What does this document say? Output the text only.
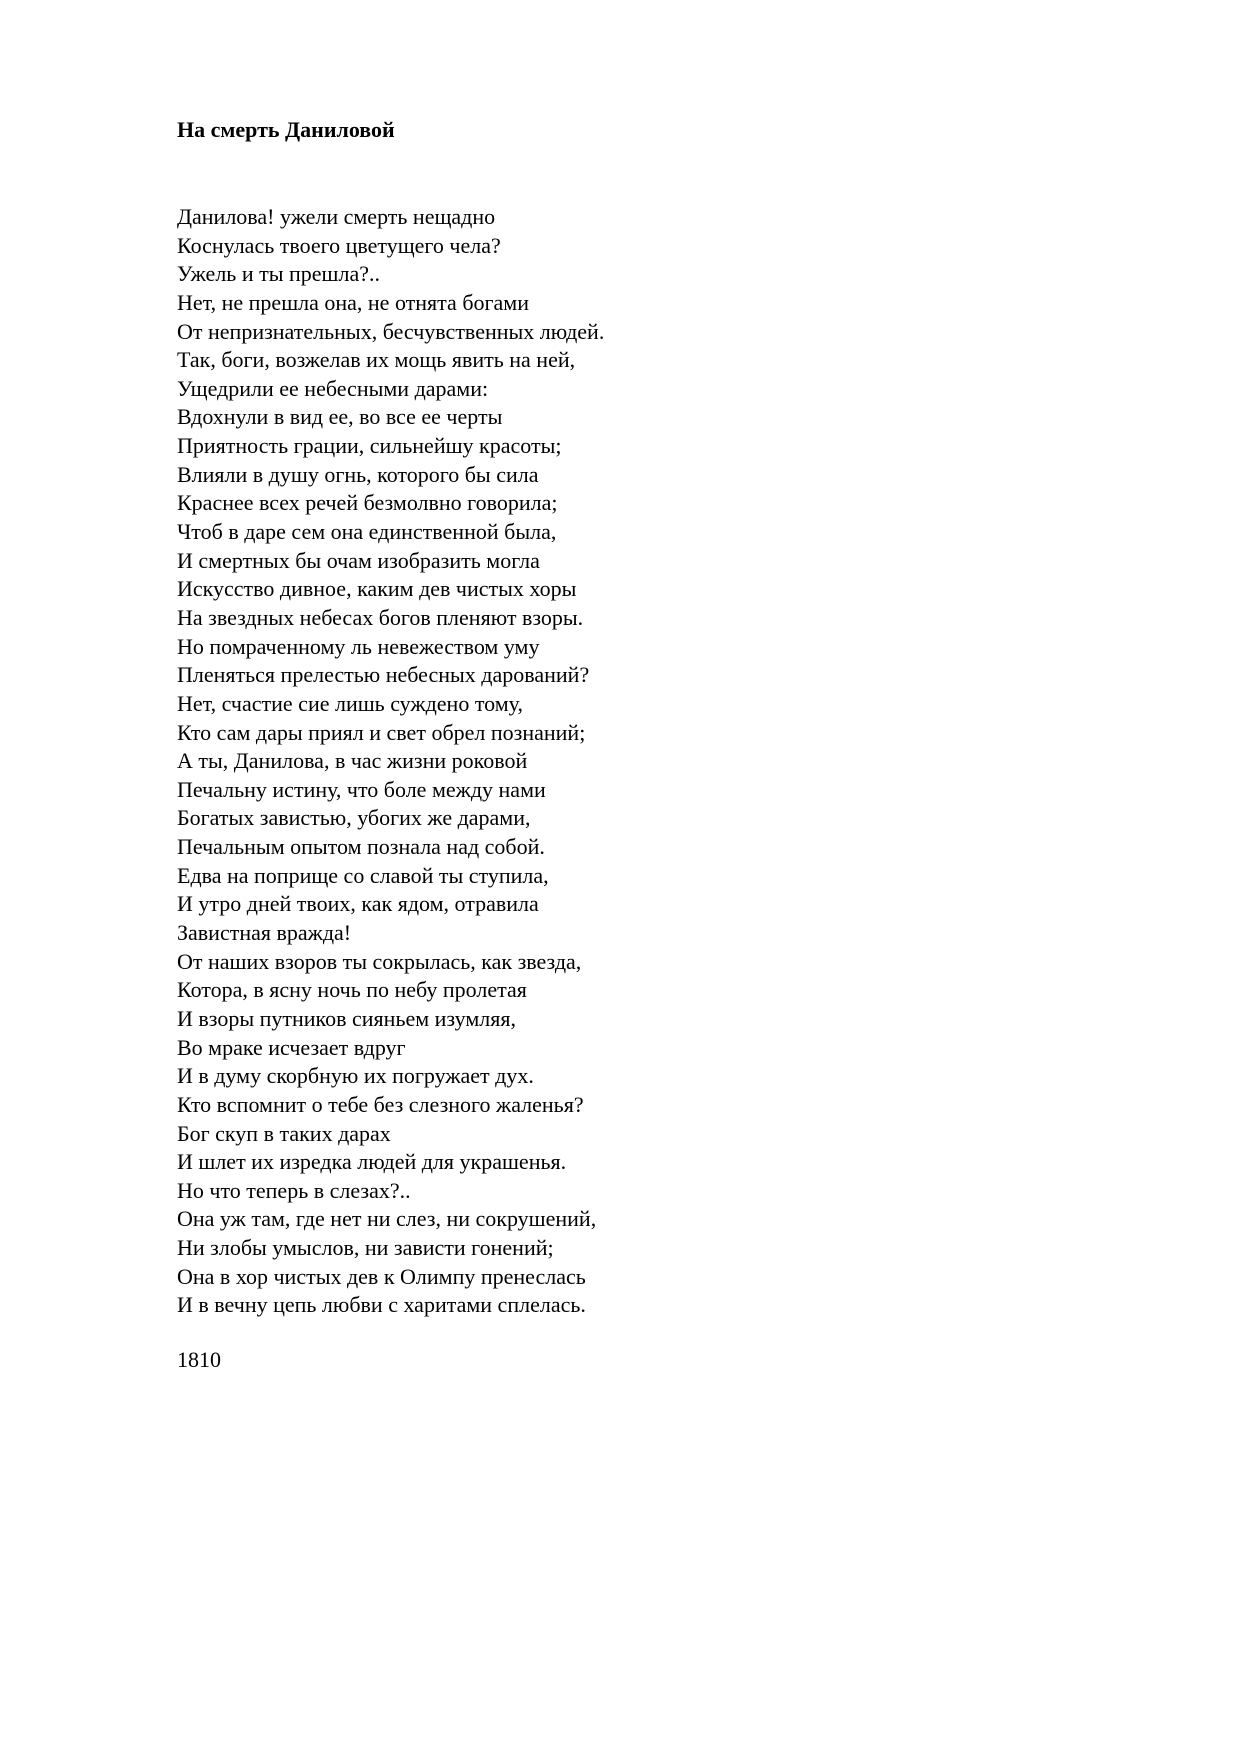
На смерть Даниловой
Данилова! ужели смерть нещадно
Коснулась твоего цветущего чела?
Ужель и ты прешла?..
Нет, не прешла она, не отнята богами
От непризнательных, бесчувственных людей.
Так, боги, возжелав их мощь явить на ней,
Ущедрили ее небесными дарами:
Вдохнули в вид ее, во все ее черты
Приятность грации, сильнейшу красоты;
Влияли в душу огнь, которого бы сила
Краснее всех речей безмолвно говорила;
Чтоб в даре сем она единственной была,
И смертных бы очам изобразить могла
Искусство дивное, каким дев чистых хоры
На звездных небесах богов пленяют взоры.
Но помраченному ль невежеством уму
Пленяться прелестью небесных дарований?
Нет, счастие сие лишь суждено тому,
Кто сам дары приял и свет обрел познаний;
А ты, Данилова, в час жизни роковой
Печальну истину, что боле между нами
Богатых завистью, убогих же дарами,
Печальным опытом познала над собой.
Едва на поприще со славой ты ступила,
И утро дней твоих, как ядом, отравила
Завистная вражда!
От наших взоров ты сокрылась, как звезда,
Котора, в ясну ночь по небу пролетая
И взоры путников сияньем изумляя,
Во мраке исчезает вдруг
И в думу скорбную их погружает дух.
Кто вспомнит о тебе без слезного жаленья?
Бог скуп в таких дарах
И шлет их изредка людей для украшенья.
Но что теперь в слезах?..
Она уж там, где нет ни слез, ни сокрушений,
Ни злобы умыслов, ни зависти гонений;
Она в хор чистых дев к Олимпу пренеслась
И в вечну цепь любви с харитами сплелась.

1810
